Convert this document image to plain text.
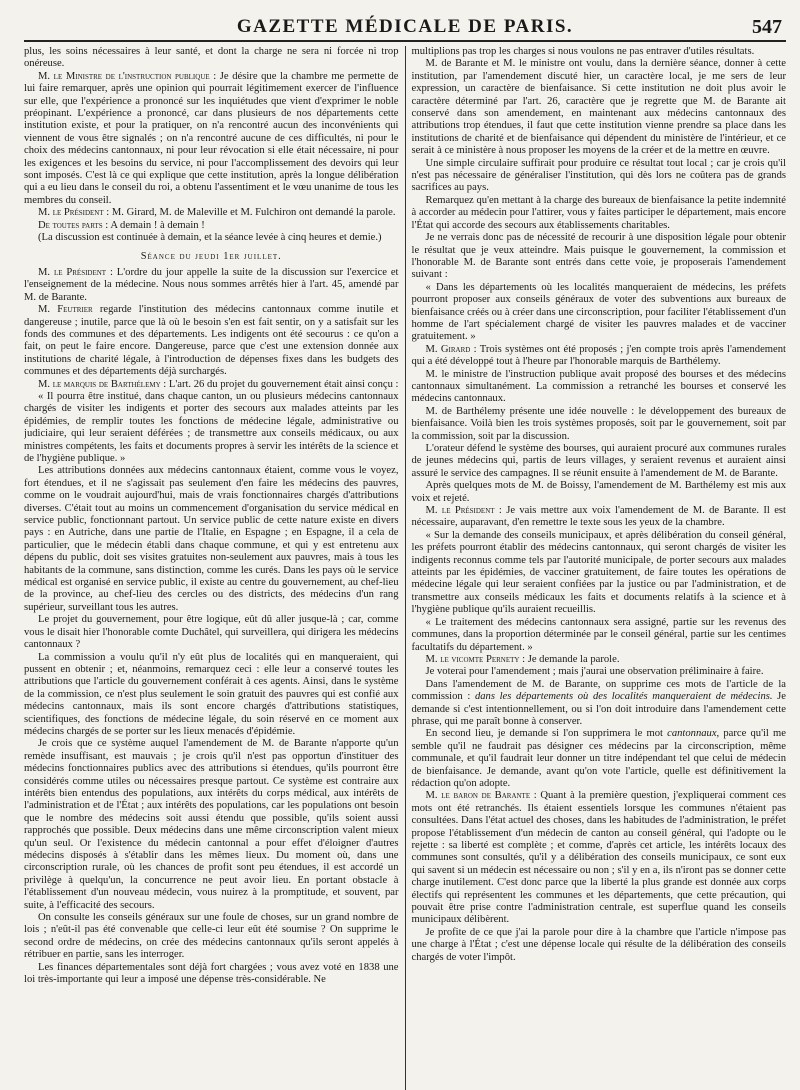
GAZETTE MÉDICALE DE PARIS.	547

plus, les soins nécessaires à leur santé, et dont la charge ne sera ni forcée ni trop onéreuse.

M. le Ministre de l'instruction publique : Je désire que la chambre me permette de lui faire remarquer, après une opinion qui pourrait légitimement exercer de l'influence sur elle, que l'expérience a prononcé sur les inquiétudes que vient d'exprimer le noble préopinant. L'expérience a prononcé, car dans plusieurs de nos départements cette institution existe, et pour la pratiquer, on n'a rencontré aucun des inconvénients qui viennent de vous être signalés ; on n'a rencontré aucune de ces difficultés, ni pour le choix des médecins cantonnaux, ni pour leur révocation si elle était nécessaire, ni pour les exigences et les besoins du service, ni pour l'accomplissement des devoirs qui leur sont imposés. C'est là ce qui explique que cette institution, après la longue délibération qui a eu lieu dans le conseil du roi, a obtenu l'assentiment et le vœu unanime de tous les membres du conseil.

M. le Président : M. Girard, M. de Maleville et M. Fulchiron ont demandé la parole.

De toutes parts : A demain ! à demain !

(La discussion est continuée à demain, et la séance levée à cinq heures et demie.)

Séance du jeudi 1er juillet.

M. le Président : L'ordre du jour appelle la suite de la discussion sur l'exercice et l'enseignement de la médecine. Nous nous sommes arrêtés hier à l'art. 45, amendé par M. de Barante.

M. Feutrier regarde l'institution des médecins cantonnaux comme inutile et dangereuse ; inutile, parce que là où le besoin s'en est fait sentir, on y a satisfait sur les fonds des communes et des départements. Les indigents ont été secourus : ce qu'on a fait, on peut le faire encore. Dangereuse, parce que c'est une extension donnée aux institutions de charité légale, à l'introduction de dépenses fixes dans les budgets des communes et des départements déjà surchargés.

M. le marquis de Barthélemy : L'art. 26 du projet du gouvernement était ainsi conçu :

« Il pourra être institué, dans chaque canton, un ou plusieurs médecins cantonnaux chargés de visiter les indigents et porter des secours aux malades atteints par les épidémies, de remplir toutes les fonctions de médecine légale, administrative ou judiciaire, qui leur seraient déférées ; de transmettre aux conseils médicaux, ou aux ministres compétents, les faits et documents propres à servir les intérêts de la science et de l'hygiène publique. »

Les attributions données aux médecins cantonnaux étaient, comme vous le voyez, fort étendues, et il ne s'agissait pas seulement d'en faire les médecins des pauvres, comme on le voudrait aujourd'hui, mais de vrais fonctionnaires chargés d'attributions diverses. C'était tout au moins un commencement d'organisation du service médical en service public, fonctionnant partout. Un service public de cette nature existe en divers pays : en Autriche, dans une partie de l'Italie, en Espagne ; en Espagne, il a cela de particulier, que le médecin établi dans chaque commune, et qui y est entretenu aux dépens du public, doit ses visites gratuites non-seulement aux pauvres, mais à tous les habitants de la commune, sans distinction, comme les curés. Dans les pays où le service médical est organisé en service public, il existe au centre du gouvernement, au chef-lieu de la province, au chef-lieu des cercles ou des districts, des médecins d'un rang supérieur, surveillant tous les autres.

Le projet du gouvernement, pour être logique, eût dû aller jusque-là ; car, comme vous le disait hier l'honorable comte Duchâtel, qui surveillera, qui dirigera les médecins cantonnaux ?

La commission a voulu qu'il n'y eût plus de localités qui en manqueraient, qui pussent en obtenir ; et, néanmoins, remarquez ceci : elle leur a conservé toutes les attributions que l'article du gouvernement conférait à ces agents. Ainsi, dans le système de la commission, ce n'est plus seulement le soin gratuit des pauvres qui est confié aux médecins cantonnaux, mais ils sont encore chargés d'attributions statistiques, scientifiques, des fonctions de médecine légale, du soin réservé en ce moment aux médecins chargés de se porter sur les lieux menacés d'épidémie.

Je crois que ce système auquel l'amendement de M. de Barante n'apporte qu'un remède insuffisant, est mauvais ; je crois qu'il n'est pas opportun d'instituer des médecins fonctionnaires publics avec des attributions si étendues, qu'ils pourront être considérés comme utiles ou nécessaires presque partout. Ce système est contraire aux intérêts bien entendus des populations, aux intérêts du corps médical, aux intérêts de l'administration et de l'État ; aux intérêts des populations, car les populations ont besoin que le nombre des médecins soit aussi étendu que possible, qu'ils soient aussi rapprochés que possible. Deux médecins dans une même circonscription valent mieux qu'un seul. Or l'existence du médecin cantonnal a pour effet d'éloigner d'autres médecins disposés à s'établir dans les mêmes lieux. Du moment où, dans une circonscription rurale, où les chances de profit sont peu étendues, il est accordé un privilège à quelqu'un, la concurrence ne peut avoir lieu. En portant obstacle à l'établissement d'un nouveau médecin, vous nuirez à la promptitude, et souvent, par suite, à l'efficacité des secours.

On consulte les conseils généraux sur une foule de choses, sur un grand nombre de lois ; n'eût-il pas été convenable que celle-ci leur eût été soumise ? On supprime le second ordre de médecins, on crée des médecins cantonnaux qu'ils seront appelés à rétribuer en partie, sans les interroger.

Les finances départementales sont déjà fort chargées ; vous avez voté en 1838 une loi très-importante qui leur a imposé une dépense très-considérable. Ne

multiplions pas trop les charges si nous voulons ne pas entraver d'utiles résultats.

M. de Barante et M. le ministre ont voulu, dans la dernière séance, donner à cette institution, par l'amendement discuté hier, un caractère local, je me sers de leur expression, un caractère de bienfaisance. Si cette institution ne doit plus avoir le caractère déterminé par l'art. 26, caractère que je regrette que M. de Barante ait conservé dans son amendement, en maintenant aux médecins cantonnaux des attributions trop étendues, il faut que cette institution vienne prendre sa place dans les institutions de charité et de bienfaisance qui dépendent du ministère de l'intérieur, et ce serait à ce ministère à nous proposer les moyens de la créer et de la mettre en œuvre.

Une simple circulaire suffirait pour produire ce résultat tout local ; car je crois qu'il n'est pas nécessaire de généraliser l'institution, qui dès lors ne coûtera pas de grands sacrifices au pays.

Remarquez qu'en mettant à la charge des bureaux de bienfaisance la petite indemnité à accorder au médecin pour l'attirer, vous y faites participer le département, mais encore l'État qui accorde des secours aux établissements charitables.

Je ne verrais donc pas de nécessité de recourir à une disposition légale pour obtenir le résultat que je veux atteindre. Mais puisque le gouvernement, la commission et l'honorable M. de Barante sont entrés dans cette voie, je proposerais l'amendement suivant :

« Dans les départements où les localités manqueraient de médecins, les préfets pourront proposer aux conseils généraux de voter des subventions aux bureaux de bienfaisance créés ou à créer dans une circonscription, pour faciliter l'établissement d'un homme de l'art spécialement chargé de visiter les pauvres malades et de vacciner gratuitement. »

M. Girard : Trois systèmes ont été proposés ; j'en compte trois après l'amendement qui a été développé tout à l'heure par l'honorable marquis de Barthélemy.

M. le ministre de l'instruction publique avait proposé des bourses et des médecins cantonnaux simultanément. La commission a retranché les bourses et conservé les médecins cantonnaux.

M. de Barthélemy présente une idée nouvelle : le développement des bureaux de bienfaisance. Voilà bien les trois systèmes proposés, soit par le gouvernement, soit par la commission, soit par la discussion.

L'orateur défend le système des bourses, qui auraient procuré aux communes rurales de jeunes médecins qui, partis de leurs villages, y seraient revenus et auraient ainsi assuré le service des campagnes. Il se réunit ensuite à l'amendement de M. de Barante.

Après quelques mots de M. de Boissy, l'amendement de M. Barthélemy est mis aux voix et rejeté.

M. le Président : Je vais mettre aux voix l'amendement de M. de Barante. Il est nécessaire, auparavant, d'en remettre le texte sous les yeux de la chambre.

« Sur la demande des conseils municipaux, et après délibération du conseil général, les préfets pourront établir des médecins cantonnaux, qui seront chargés de visiter les indigents reconnus comme tels par l'autorité municipale, de porter secours aux malades atteints par les épidémies, de vacciner gratuitement, de faire toutes les opérations de médecine légale qui leur seraient confiées par la justice ou par l'administration, et de transmettre aux conseils médicaux les faits et documents relatifs à la science et à l'hygiène publique qu'ils auraient recueillis.

« Le traitement des médecins cantonnaux sera assigné, partie sur les revenus des communes, dans la proportion déterminée par le conseil général, partie sur les centimes facultatifs du département. »

M. le vicomte Pernety : Je demande la parole.

Je voterai pour l'amendement ; mais j'aurai une observation préliminaire à faire.

Dans l'amendement de M. de Barante, on supprime ces mots de l'article de la commission : dans les départements où des localités manqueraient de médecins. Je demande si c'est intentionnellement, ou si l'on doit introduire dans l'amendement cette phrase, qui me paraît bonne à conserver.

En second lieu, je demande si l'on supprimera le mot cantonnaux, parce qu'il me semble qu'il ne faudrait pas désigner ces médecins par la circonscription, même communale, et qu'il faudrait leur donner un titre indépendant tel que celui de médecin de bienfaisance. Je demande, avant qu'on vote l'article, quelle est définitivement la rédaction qu'on adopte.

M. le baron de Barante : Quant à la première question, j'expliquerai comment ces mots ont été retranchés. Ils étaient essentiels lorsque les communes n'étaient pas consultées. Dans l'état actuel des choses, dans les habitudes de l'administration, le préfet propose l'établissement d'un médecin de canton au conseil général, qui l'adopte ou le rejette : sa liberté est complète ; et comme, d'après cet article, les intérêts locaux des communes sont consultés, qu'il y a délibération des conseils municipaux, ce sont eux qui savent si un médecin est nécessaire ou non ; s'il y en a, ils n'iront pas se donner cette charge inutilement. C'est donc parce que la liberté la plus grande est donnée aux corps électifs qui représentent les communes et les départements, que cette précaution, qui pouvait être prise contre l'administration centrale, est superflue quand les conseils municipaux délibèrent.

Je profite de ce que j'ai la parole pour dire à la chambre que l'article n'impose pas une charge à l'État ; c'est une dépense locale qui résulte de la délibération des conseils chargés de voter l'impôt.
